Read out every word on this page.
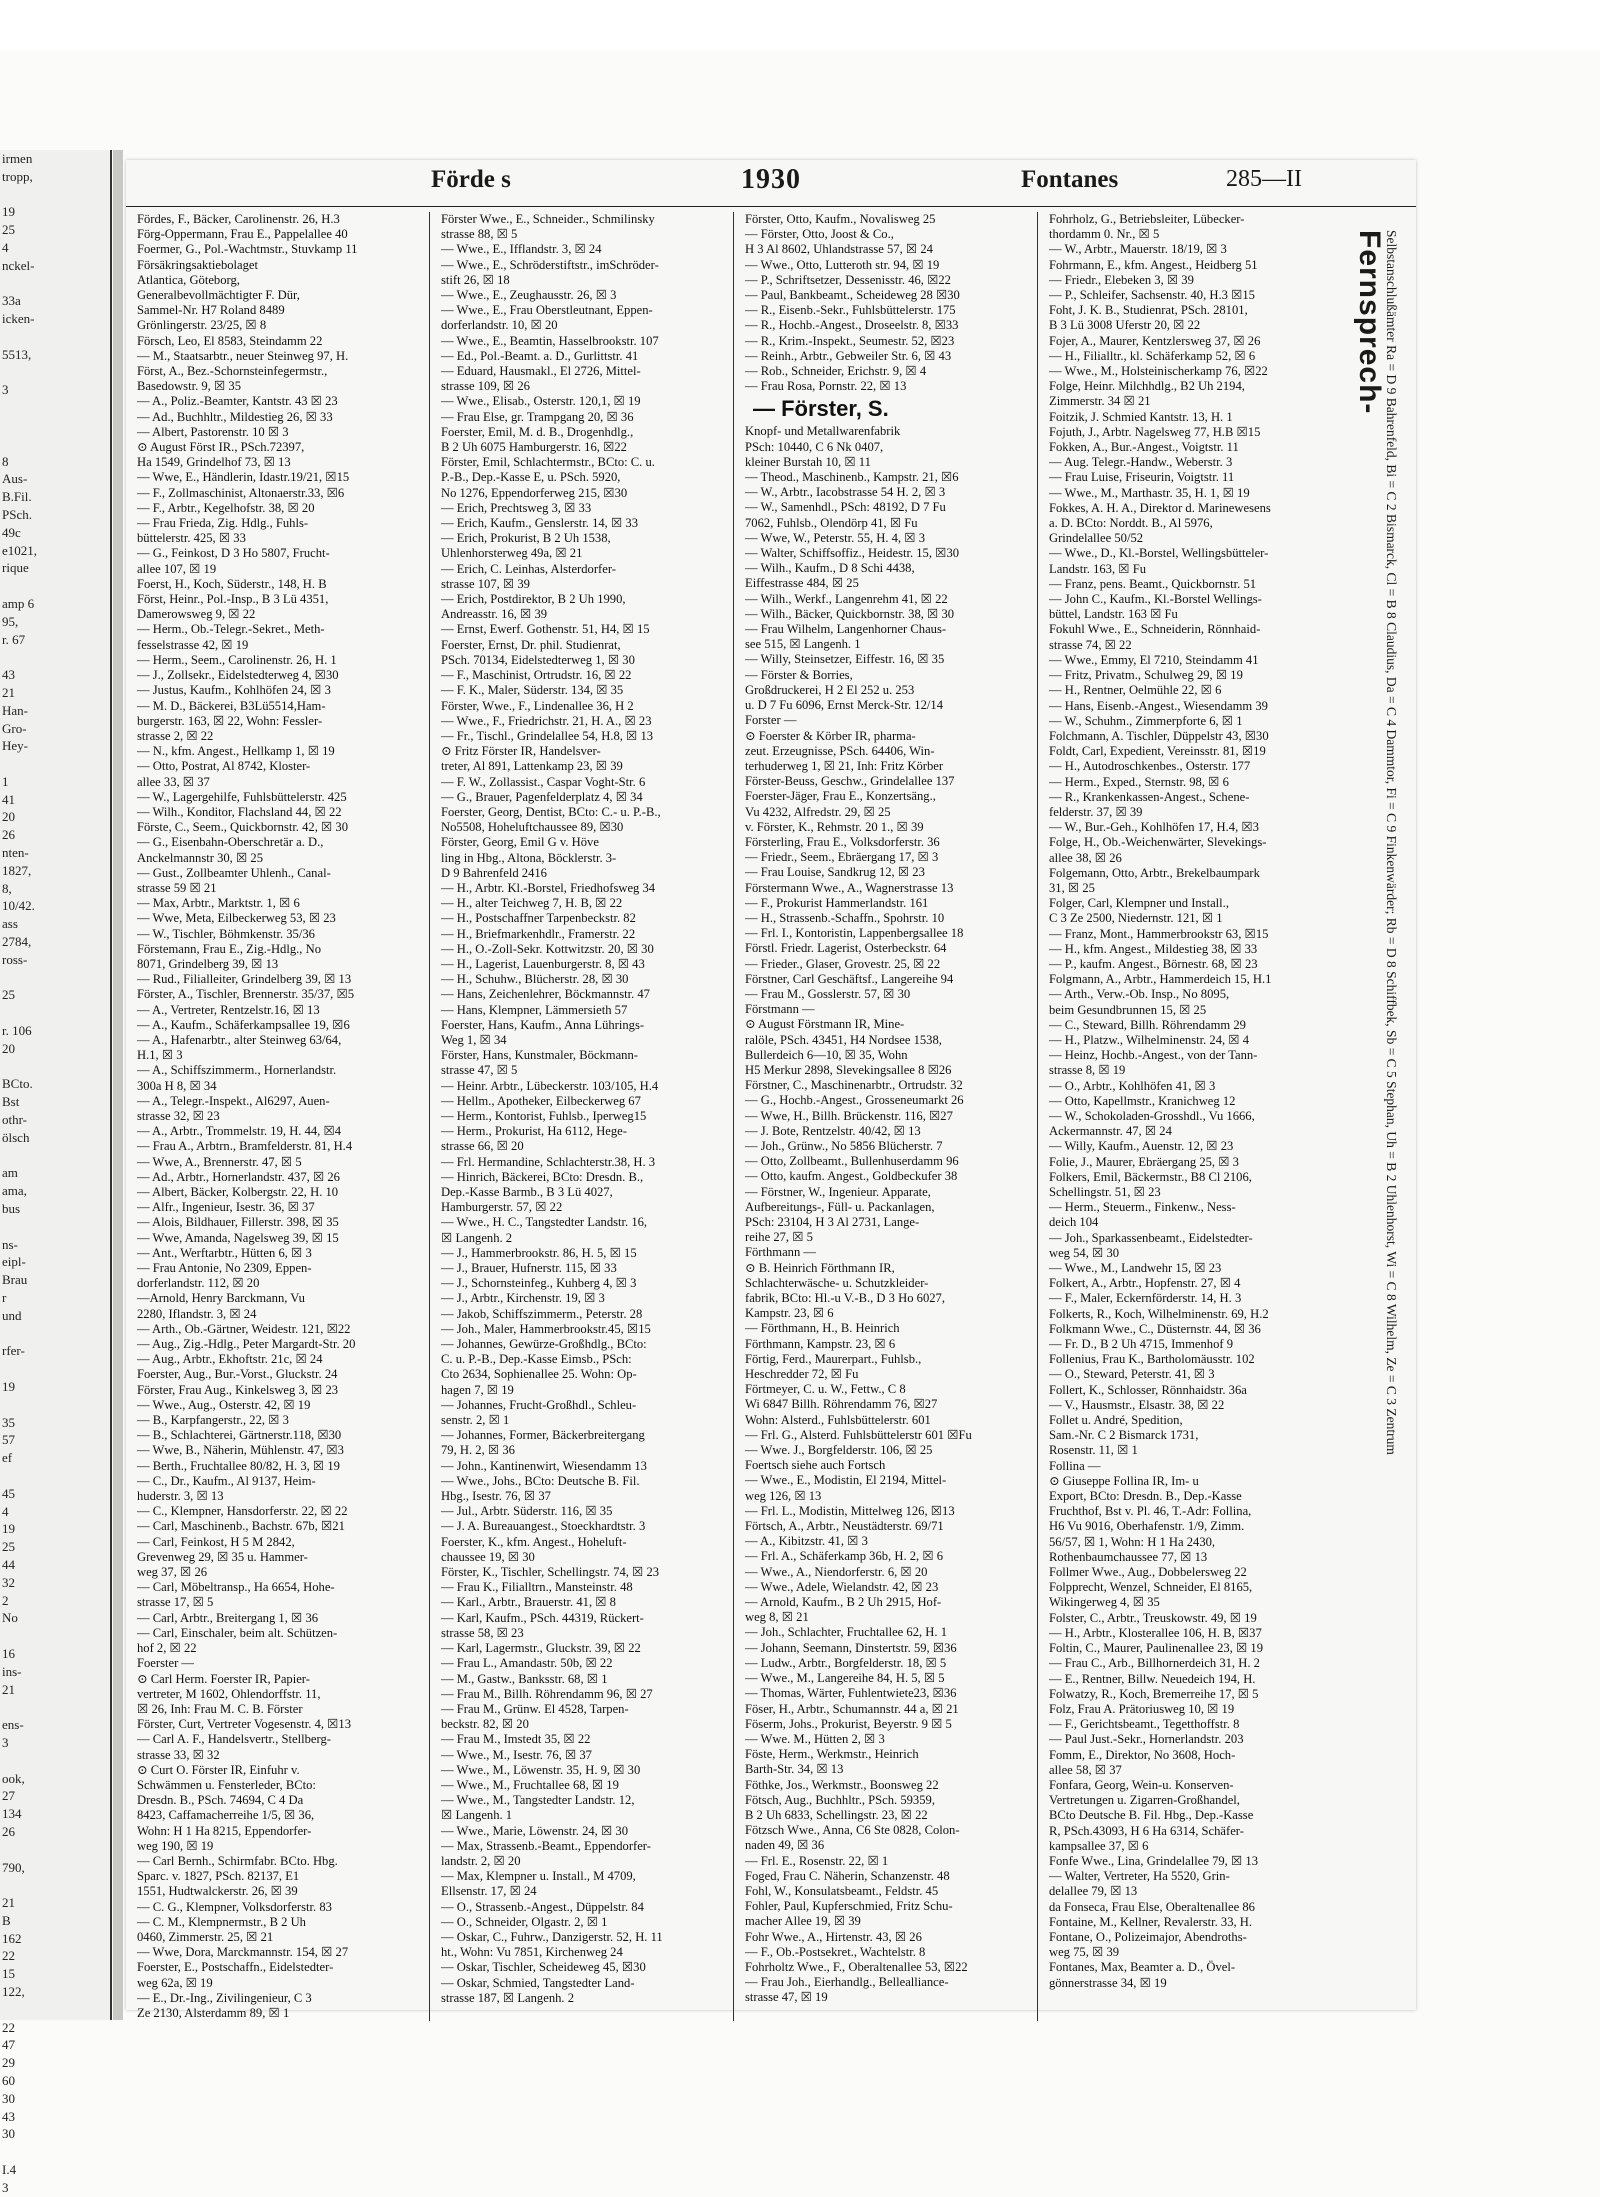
irmen
tropp,

19
25
4
nckel-

33a
icken-

5513,

3

8
Aus-
B.Fil.
PSch.
49c
e1021,
rique

amp 6
95,
r. 67

43
21
Han-
Gro-
Hey-

1
41
20
26
nten-
1827,
8,
10/42.
ass
2784,
ross-

25

r. 106
20

BCto.
Bst
othr-
ölsch

am
ama,
bus

ns-
eipl-
Brau
r
und

rfer-

19

35
57
ef

45
4
19
25
44
32
2
No

16
ins-
21

ens-
3

ook,
27
134
26

790,

21
B
162
22
15
122,

22
47
29
60
30
43
30

I.4
3
Förde s	1930	Fontanes	285—II
Fördes, F., Bäcker, Carolinenstr. 26, H.3
Förg-Oppermann, Frau E., Pappelallee 40
Foermer, G., Pol.-Wachtmstr., Stuvkamp 11
Försäkringsaktiebolaget
Atlantica, Göteborg,
Generalbevollmächtigter F. Dür,
Sammel-Nr. H7 Roland 8489
Grönlingerstr. 23/25, ☒ 8
Försch, Leo, El 8583, Steindamm 22
— M., Staatsarbtr., neuer Steinweg 97, H.
Först, A., Bez.-Schornsteinfegermstr.,
Basedowstr. 9, ☒ 35
— A., Poliz.-Beamter, Kantstr. 43 ☒ 23
— Ad., Buchhltr., Mildestieg 26, ☒ 33
— Albert, Pastorenstr. 10 ☒ 3
⊙ August Först IR., PSch.72397,
Ha 1549, Grindelhof 73, ☒ 13
— Wwe, E., Händlerin, Idastr.19/21, ☒15
— F., Zollmaschinist, Altonaerstr.33, ☒6
— F., Arbtr., Kegelhofstr. 38, ☒ 20
— Frau Frieda, Zig. Hdlg., Fuhls-
büttelerstr. 425, ☒ 33
— G., Feinkost, D 3 Ho 5807, Frucht-
allee 107, ☒ 19
Foerst, H., Koch, Süderstr., 148, H. B
Först, Heinr., Pol.-Insp., B 3 Lü 4351,
Damerowsweg 9, ☒ 22
— Herm., Ob.-Telegr.-Sekret., Meth-
fesselstrasse 42, ☒ 19
— Herm., Seem., Carolinenstr. 26, H. 1
— J., Zollsekr., Eidelstedterweg 4, ☒30
— Justus, Kaufm., Kohlhöfen 24, ☒ 3
— M. D., Bäckerei, B3Lü5514,Ham-
burgerstr. 163, ☒ 22, Wohn: Fessler-
strasse 2, ☒ 22
— N., kfm. Angest., Hellkamp 1, ☒ 19
— Otto, Postrat, Al 8742, Kloster-
allee 33, ☒ 37
— W., Lagergehilfe, Fuhlsbüttelerstr. 425
— Wilh., Konditor, Flachsland 44, ☒ 22
Förste, C., Seem., Quickbornstr. 42, ☒ 30
— G., Eisenbahn-Oberschretär a. D.,
Anckelmannstr 30, ☒ 25
— Gust., Zollbeamter Uhlenh., Canal-
strasse 59 ☒ 21
— Max, Arbtr., Marktstr. 1, ☒ 6
— Wwe, Meta, Eilbeckerweg 53, ☒ 23
— W., Tischler, Böhmkenstr. 35/36
Förstemann, Frau E., Zig.-Hdlg., No
8071, Grindelberg 39, ☒ 13
— Rud., Filialleiter, Grindelberg 39, ☒ 13
Förster, A., Tischler, Brennerstr. 35/37, ☒5
— A., Vertreter, Rentzelstr.16, ☒ 13
— A., Kaufm., Schäferkampsallee 19, ☒6
— A., Hafenarbtr., alter Steinweg 63/64,
H.1, ☒ 3
— A., Schiffszimmerm., Hornerlandstr.
300a H 8, ☒ 34
— A., Telegr.-Inspekt., Al6297, Auen-
strasse 32, ☒ 23
— A., Arbtr., Trommelstr. 19, H. 44, ☒4
— Frau A., Arbtrn., Bramfelderstr. 81, H.4
— Wwe, A., Brennerstr. 47, ☒ 5
— Ad., Arbtr., Hornerlandstr. 437, ☒ 26
— Albert, Bäcker, Kolbergstr. 22, H. 10
— Alfr., Ingenieur, Isestr. 36, ☒ 37
— Alois, Bildhauer, Fillerstr. 398, ☒ 35
— Wwe, Amanda, Nagelsweg 39, ☒ 15
— Ant., Werftarbtr., Hütten 6, ☒ 3
— Frau Antonie, No 2309, Eppen-
dorferlandstr. 112, ☒ 20
—Arnold, Henry Barckmann, Vu
2280, Iflandstr. 3, ☒ 24
— Arth., Ob.-Gärtner, Weidestr. 121, ☒22
— Aug., Zig.-Hdlg., Peter Margardt-Str. 20
— Aug., Arbtr., Ekhoftstr. 21c, ☒ 24
Foerster, Aug., Bur.-Vorst., Gluckstr. 24
Förster, Frau Aug., Kinkelsweg 3, ☒ 23
— Wwe., Aug., Osterstr. 42, ☒ 19
— B., Karpfangerstr., 22, ☒ 3
— B., Schlachterei, Gärtnerstr.118, ☒30
— Wwe, B., Näherin, Mühlenstr. 47, ☒3
— Berth., Fruchtallee 80/82, H. 3, ☒ 19
— C., Dr., Kaufm., Al 9137, Heim-
huderstr. 3, ☒ 13
— C., Klempner, Hansdorferstr. 22, ☒ 22
— Carl, Maschinenb., Bachstr. 67b, ☒21
— Carl, Feinkost, H 5 M 2842,
Grevenweg 29, ☒ 35 u. Hammer-
weg 37, ☒ 26
— Carl, Möbeltransp., Ha 6654, Hohe-
strasse 17, ☒ 5
— Carl, Arbtr., Breitergang 1, ☒ 36
— Carl, Einschaler, beim alt. Schützen-
hof 2, ☒ 22
Foerster —
⊙ Carl Herm. Foerster IR, Papier-
vertreter, M 1602, Ohlendorffstr. 11,
☒ 26, Inh: Frau M. C. B. Förster
Förster, Curt, Vertreter Vogesenstr. 4, ☒13
— Carl A. F., Handelsvertr., Stellberg-
strasse 33, ☒ 32
⊙ Curt O. Förster IR, Einfuhr v.
Schwämmen u. Fensterleder, BCto:
Dresdn. B., PSch. 74694, C 4 Da
8423, Caffamacherreihe 1/5, ☒ 36,
Wohn: H 1 Ha 8215, Eppendorfer-
weg 190, ☒ 19
— Carl Bernh., Schirmfabr. BCto. Hbg.
Sparc. v. 1827, PSch. 82137, E1
1551, Hudtwalckerstr. 26, ☒ 39
— C. G., Klempner, Volksdorferstr. 83
— C. M., Klempnermstr., B 2 Uh
0460, Zimmerstr. 25, ☒ 21
— Wwe, Dora, Marckmannstr. 154, ☒ 27
Foerster, E., Postschaffn., Eidelstedter-
weg 62a, ☒ 19
— E., Dr.-Ing., Zivilingenieur, C 3
Ze 2130, Alsterdamm 89, ☒ 1
Förster Wwe., E., Schneider., Schmilinsky
strasse 88, ☒ 5
— Wwe., E., Ifflandstr. 3, ☒ 24
— Wwe., E., Schröderstiftstr., imSchröder-
stift 26, ☒ 18
— Wwe., E., Zeughausstr. 26, ☒ 3
— Wwe., E., Frau Oberstleutnant, Eppen-
dorferlandstr. 10, ☒ 20
— Wwe., E., Beamtin, Hasselbrookstr. 107
— Ed., Pol.-Beamt. a. D., Gurlittstr. 41
— Eduard, Hausmakl., El 2726, Mittel-
strasse 109, ☒ 26
— Wwe., Elisab., Osterstr. 120,1, ☒ 19
— Frau Else, gr. Trampgang 20, ☒ 36
Foerster, Emil, M. d. B., Drogenhdlg.,
B 2 Uh 6075 Hamburgerstr. 16, ☒22
Förster, Emil, Schlachtermstr., BCto: C. u.
P.-B., Dep.-Kasse E, u. PSch. 5920,
No 1276, Eppendorferweg 215, ☒30
— Erich, Prechtsweg 3, ☒ 33
— Erich, Kaufm., Genslerstr. 14, ☒ 33
— Erich, Prokurist, B 2 Uh 1538,
Uhlenhorsterweg 49a, ☒ 21
— Erich, C. Leinhas, Alsterdorfer-
strasse 107, ☒ 39
— Erich, Postdirektor, B 2 Uh 1990,
Andreasstr. 16, ☒ 39
— Ernst, Ewerf. Gothenstr. 51, H4, ☒ 15
Foerster, Ernst, Dr. phil. Studienrat,
PSch. 70134, Eidelstedterweg 1, ☒ 30
— F., Maschinist, Ortrudstr. 16, ☒ 22
— F. K., Maler, Süderstr. 134, ☒ 35
Förster, Wwe., F., Lindenallee 36, H 2
— Wwe., F., Friedrichstr. 21, H. A., ☒ 23
— Fr., Tischl., Grindelallee 54, H.8, ☒ 13
⊙ Fritz Förster IR, Handelsver-
treter, Al 891, Lattenkamp 23, ☒ 39
— F. W., Zollassist., Caspar Voght-Str. 6
— G., Brauer, Pagenfelderplatz 4, ☒ 34
Foerster, Georg, Dentist, BCto: C.- u. P.-B.,
No5508, Hoheluftchaussee 89, ☒30
Förster, Georg, Emil G v. Höve
ling in Hbg., Altona, Böcklerstr. 3-
D 9 Bahrenfeld 2416
— H., Arbtr. Kl.-Borstel, Friedhofsweg 34
— H., alter Teichweg 7, H. B, ☒ 22
— H., Postschaffner Tarpenbeckstr. 82
— H., Briefmarkenhdlr., Framerstr. 22
— H., O.-Zoll-Sekr. Kottwitzstr. 20, ☒ 30
— H., Lagerist, Lauenburgerstr. 8, ☒ 43
— H., Schuhw., Blücherstr. 28, ☒ 30
— Hans, Zeichenlehrer, Böckmannstr. 47
— Hans, Klempner, Lämmersieth 57
Foerster, Hans, Kaufm., Anna Lührings-
Weg 1, ☒ 34
Förster, Hans, Kunstmaler, Böckmann-
strasse 47, ☒ 5
— Heinr. Arbtr., Lübeckerstr. 103/105, H.4
— Hellm., Apotheker, Eilbeckerweg 67
— Herm., Kontorist, Fuhlsb., Iperweg15
— Herm., Prokurist, Ha 6112, Hege-
strasse 66, ☒ 20
— Frl. Hermandine, Schlachterstr.38, H. 3
— Hinrich, Bäckerei, BCto: Dresdn. B.,
Dep.-Kasse Barmb., B 3 Lü 4027,
Hamburgerstr. 57, ☒ 22
— Wwe., H. C., Tangstedter Landstr. 16,
☒ Langenh. 2
— J., Hammerbrookstr. 86, H. 5, ☒ 15
— J., Brauer, Hufnerstr. 115, ☒ 33
— J., Schornsteinfeg., Kuhberg 4, ☒ 3
— J., Arbtr., Kirchenstr. 19, ☒ 3
— Jakob, Schiffszimmerm., Peterstr. 28
— Joh., Maler, Hammerbrookstr.45, ☒15
— Johannes, Gewürze-Großhdlg., BCto:
C. u. P.-B., Dep.-Kasse Eimsb., PSch:
Cto 2634, Sophienallee 25. Wohn: Op-
hagen 7, ☒ 19
— Johannes, Frucht-Großhdl., Schleu-
senstr. 2, ☒ 1
— Johannes, Former, Bäckerbreitergang
79, H. 2, ☒ 36
— John., Kantinenwirt, Wiesendamm 13
— Wwe., Johs., BCto: Deutsche B. Fil.
Hbg., Isestr. 76, ☒ 37
— Jul., Arbtr. Süderstr. 116, ☒ 35
— J. A. Bureauangest., Stoeckhardtstr. 3
Foerster, K., kfm. Angest., Hoheluft-
chaussee 19, ☒ 30
Förster, K., Tischler, Schellingstr. 74, ☒ 23
— Frau K., Filialltrn., Mansteinstr. 48
— Karl., Arbtr., Brauerstr. 41, ☒ 8
— Karl, Kaufm., PSch. 44319, Rückert-
strasse 58, ☒ 23
— Karl, Lagermstr., Gluckstr. 39, ☒ 22
— Frau L., Amandastr. 50b, ☒ 22
— M., Gastw., Banksstr. 68, ☒ 1
— Frau M., Billh. Röhrendamm 96, ☒ 27
— Frau M., Grünw. El 4528, Tarpen-
beckstr. 82, ☒ 20
— Frau M., Imstedt 35, ☒ 22
— Wwe., M., Isestr. 76, ☒ 37
— Wwe., M., Löwenstr. 35, H. 9, ☒ 30
— Wwe., M., Fruchtallee 68, ☒ 19
— Wwe., M., Tangstedter Landstr. 12,
☒ Langenh. 1
— Wwe., Marie, Löwenstr. 24, ☒ 30
— Max, Strassenb.-Beamt., Eppendorfer-
landstr. 2, ☒ 20
— Max, Klempner u. Install., M 4709,
Ellsenstr. 17, ☒ 24
— O., Strassenb.-Angest., Düppelstr. 84
— O., Schneider, Olgastr. 2, ☒ 1
— Oskar, C., Fuhrw., Danzigerstr. 52, H. 11
ht., Wohn: Vu 7851, Kirchenweg 24
— Oskar, Tischler, Scheideweg 45, ☒30
— Oskar, Schmied, Tangstedter Land-
strasse 187, ☒ Langenh. 2
Förster, Otto, Kaufm., Novalisweg 25
— Förster, Otto, Joost & Co.,
H 3 Al 8602, Uhlandstrasse 57, ☒ 24
— Wwe., Otto, Lutteroth str. 94, ☒ 19
— P., Schriftsetzer, Dessenisstr. 46, ☒22
— Paul, Bankbeamt., Scheideweg 28 ☒30
— R., Eisenb.-Sekr., Fuhlsbüttelerstr. 175
— R., Hochb.-Angest., Droseelstr. 8, ☒33
— R., Krim.-Inspekt., Seumestr. 52, ☒23
— Reinh., Arbtr., Gebweiler Str. 6, ☒ 43
— Rob., Schneider, Erichstr. 9, ☒ 4
— Frau Rosa, Pornstr. 22, ☒ 13
— Förster, S.
Knopf- und Metallwarenfabrik
PSch: 10440, C 6 Nk 0407,
kleiner Burstah 10, ☒ 11
— Theod., Maschinenb., Kampstr. 21, ☒6
— W., Arbtr., Iacobstrasse 54 H. 2, ☒ 3
— W., Samenhdl., PSch: 48192, D 7 Fu
7062, Fuhlsb., Olendörp 41, ☒ Fu
— Wwe, W., Peterstr. 55, H. 4, ☒ 3
— Walter, Schiffsoffiz., Heidestr. 15, ☒30
— Wilh., Kaufm., D 8 Schi 4438,
Eiffestrasse 484, ☒ 25
— Wilh., Werkf., Langenrehm 41, ☒ 22
— Wilh., Bäcker, Quickbornstr. 38, ☒ 30
— Frau Wilhelm, Langenhorner Chaus-
see 515, ☒ Langenh. 1
— Willy, Steinsetzer, Eiffestr. 16, ☒ 35
— Förster & Borries,
Großdruckerei, H 2 El 252 u. 253
u. D 7 Fu 6096, Ernst Merck-Str. 12/14
Forster —
⊙ Foerster & Körber IR, pharma-
zeut. Erzeugnisse, PSch. 64406, Win-
terhuderweg 1, ☒ 21, Inh: Fritz Körber
Förster-Beuss, Geschw., Grindelallee 137
Foerster-Jäger, Frau E., Konzertsäng.,
Vu 4232, Alfredstr. 29, ☒ 25
v. Förster, K., Rehmstr. 20 1., ☒ 39
Försterling, Frau E., Volksdorferstr. 36
— Friedr., Seem., Ebräergang 17, ☒ 3
— Frau Louise, Sandkrug 12, ☒ 23
Förstermann Wwe., A., Wagnerstrasse 13
— F., Prokurist Hammerlandstr. 161
— H., Strassenb.-Schaffn., Spohrstr. 10
— Frl. I., Kontoristin, Lappenbergsallee 18
Förstl. Friedr. Lagerist, Osterbeckstr. 64
— Frieder., Glaser, Grovestr. 25, ☒ 22
Förstner, Carl Geschäftsf., Langereihe 94
— Frau M., Gosslerstr. 57, ☒ 30
Förstmann —
⊙ August Förstmann IR, Mine-
ralöle, PSch. 43451, H4 Nordsee 1538,
Bullerdeich 6—10, ☒ 35, Wohn
H5 Merkur 2898, Slevekingsallee 8 ☒26
Förstner, C., Maschinenarbtr., Ortrudstr. 32
— G., Hochb.-Angest., Grosseneumarkt 26
— Wwe, H., Billh. Brückenstr. 116, ☒27
— J. Bote, Rentzelstr. 40/42, ☒ 13
— Joh., Grünw., No 5856 Blücherstr. 7
— Otto, Zollbeamt., Bullenhuserdamm 96
— Otto, kaufm. Angest., Goldbeckufer 38
— Förstner, W., Ingenieur. Apparate,
Aufbereitungs-, Füll- u. Packanlagen,
PSch: 23104, H 3 Al 2731, Lange-
reihe 27, ☒ 5
Förthmann —
⊙ B. Heinrich Förthmann IR,
Schlachterwäsche- u. Schutzkleider-
fabrik, BCto: Hl.-u V.-B., D 3 Ho 6027,
Kampstr. 23, ☒ 6
— Förthmann, H., B. Heinrich
Förthmann, Kampstr. 23, ☒ 6
Förtig, Ferd., Maurerpart., Fuhlsb.,
Heschredder 72, ☒ Fu
Förtmeyer, C. u. W., Fettw., C 8
Wi 6847 Billh. Röhrendamm 76, ☒27
Wohn: Alsterd., Fuhlsbüttelerstr. 601
— Frl. G., Alsterd. Fuhlsbüttelerstr 601 ☒Fu
— Wwe. J., Borgfelderstr. 106, ☒ 25
Foertsch siehe auch Fortsch
— Wwe., E., Modistin, El 2194, Mittel-
weg 126, ☒ 13
— Frl. L., Modistin, Mittelweg 126, ☒13
Förtsch, A., Arbtr., Neustädterstr. 69/71
— A., Kibitzstr. 41, ☒ 3
— Frl. A., Schäferkamp 36b, H. 2, ☒ 6
— Wwe., A., Niendorferstr. 6, ☒ 20
— Wwe., Adele, Wielandstr. 42, ☒ 23
— Arnold, Kaufm., B 2 Uh 2915, Hof-
weg 8, ☒ 21
— Joh., Schlachter, Fruchtallee 62, H. 1
— Johann, Seemann, Dinstertstr. 59, ☒36
— Ludw., Arbtr., Borgfelderstr. 18, ☒ 5
— Wwe., M., Langereihe 84, H. 5, ☒ 5
— Thomas, Wärter, Fuhlentwiete23, ☒36
Föser, H., Arbtr., Schumannstr. 44 a, ☒ 21
Föserm, Johs., Prokurist, Beyerstr. 9 ☒ 5
— Wwe. M., Hütten 2, ☒ 3
Föste, Herm., Werkmstr., Heinrich
Barth-Str. 34, ☒ 13
Föthke, Jos., Werkmstr., Boonsweg 22
Fötsch, Aug., Buchhltr., PSch. 59359,
B 2 Uh 6833, Schellingstr. 23, ☒ 22
Fötzsch Wwe., Anna, C6 Ste 0828, Colon-
naden 49, ☒ 36
— Frl. E., Rosenstr. 22, ☒ 1
Foged, Frau C. Näherin, Schanzenstr. 48
Fohl, W., Konsulatsbeamt., Feldstr. 45
Fohler, Paul, Kupferschmied, Fritz Schu-
macher Allee 19, ☒ 39
Fohr Wwe., A., Hirtenstr. 43, ☒ 26
— F., Ob.-Postsekret., Wachtelstr. 8
Fohrholtz Wwe., F., Oberaltenallee 53, ☒22
— Frau Joh., Eierhandlg., Bellealliance-
strasse 47, ☒ 19
Fohrholz, G., Betriebsleiter, Lübecker-
thordamm 0. Nr., ☒ 5
— W., Arbtr., Mauerstr. 18/19, ☒ 3
Fohrmann, E., kfm. Angest., Heidberg 51
— Friedr., Elebeken 3, ☒ 39
— P., Schleifer, Sachsenstr. 40, H.3 ☒15
Foht, J. K. B., Studienrat, PSch. 28101,
B 3 Lü 3008 Uferstr 20, ☒ 22
Fojer, A., Maurer, Kentzlersweg 37, ☒ 26
— H., Filialltr., kl. Schäferkamp 52, ☒ 6
— Wwe., M., Holsteinischerkamp 76, ☒22
Folge, Heinr. Milchhdlg., B2 Uh 2194,
Zimmerstr. 34 ☒ 21
Foitzik, J. Schmied Kantstr. 13, H. 1
Fojuth, J., Arbtr. Nagelsweg 77, H.B ☒15
Fokken, A., Bur.-Angest., Voigtstr. 11
— Aug. Telegr.-Handw., Weberstr. 3
— Frau Luise, Friseurin, Voigtstr. 11
— Wwe., M., Marthastr. 35, H. 1, ☒ 19
Fokkes, A. H. A., Direktor d. Marinewesens
a. D. BCto: Norddt. B., Al 5976,
Grindelallee 50/52
— Wwe., D., Kl.-Borstel, Wellingsbütteler-
Landstr. 163, ☒ Fu
— Franz, pens. Beamt., Quickbornstr. 51
— John C., Kaufm., Kl.-Borstel Wellings-
büttel, Landstr. 163 ☒ Fu
Fokuhl Wwe., E., Schneiderin, Rönnhaid-
strasse 74, ☒ 22
— Wwe., Emmy, El 7210, Steindamm 41
— Fritz, Privatm., Schulweg 29, ☒ 19
— H., Rentner, Oelmühle 22, ☒ 6
— Hans, Eisenb.-Angest., Wiesendamm 39
— W., Schuhm., Zimmerpforte 6, ☒ 1
Folchmann, A. Tischler, Düppelstr 43, ☒30
Foldt, Carl, Expedient, Vereinsstr. 81, ☒19
— H., Autodroschkenbes., Osterstr. 177
— Herm., Exped., Sternstr. 98, ☒ 6
— R., Krankenkassen-Angest., Schene-
felderstr. 37, ☒ 39
— W., Bur.-Geh., Kohlhöfen 17, H.4, ☒3
Folge, H., Ob.-Weichenwärter, Slevekings-
allee 38, ☒ 26
Folgemann, Otto, Arbtr., Brekelbaumpark
31, ☒ 25
Folger, Carl, Klempner und Install.,
C 3 Ze 2500, Niedernstr. 121, ☒ 1
— Franz, Mont., Hammerbrookstr 63, ☒15
— H., kfm. Angest., Mildestieg 38, ☒ 33
— P., kaufm. Angest., Börnestr. 68, ☒ 23
Folgmann, A., Arbtr., Hammerdeich 15, H.1
— Arth., Verw.-Ob. Insp., No 8095,
beim Gesundbrunnen 15, ☒ 25
— C., Steward, Billh. Röhrendamm 29
— H., Platzw., Wilhelminenstr. 24, ☒ 4
— Heinz, Hochb.-Angest., von der Tann-
strasse 8, ☒ 19
— O., Arbtr., Kohlhöfen 41, ☒ 3
— Otto, Kapellmstr., Kranichweg 12
— W., Schokoladen-Grosshdl., Vu 1666,
Ackermannstr. 47, ☒ 24
— Willy, Kaufm., Auenstr. 12, ☒ 23
Folie, J., Maurer, Ebräergang 25, ☒ 3
Folkers, Emil, Bäckermstr., B8 Cl 2106,
Schellingstr. 51, ☒ 23
— Herm., Steuerm., Finkenw., Ness-
deich 104
— Joh., Sparkassenbeamt., Eidelstedter-
weg 54, ☒ 30
— Wwe., M., Landwehr 15, ☒ 23
Folkert, A., Arbtr., Hopfenstr. 27, ☒ 4
— F., Maler, Eckernförderstr. 14, H. 3
Folkerts, R., Koch, Wilhelminenstr. 69, H.2
Folkmann Wwe., C., Düsternstr. 44, ☒ 36
— Fr. D., B 2 Uh 4715, Immenhof 9
Follenius, Frau K., Bartholomäusstr. 102
— O., Steward, Peterstr. 41, ☒ 3
Follert, K., Schlosser, Rönnhaidstr. 36a
— V., Hausmstr., Elsastr. 38, ☒ 22
Follet u. André, Spedition,
Sam.-Nr. C 2 Bismarck 1731,
Rosenstr. 11, ☒ 1
Follina —
⊙ Giuseppe Follina IR, Im- u
Export, BCto: Dresdn. B., Dep.-Kasse
Fruchthof, Bst v. Pl. 46, T.-Adr: Follina,
H6 Vu 9016, Oberhafenstr. 1/9, Zimm.
56/57, ☒ 1, Wohn: H 1 Ha 2430,
Rothenbaumchaussee 77, ☒ 13
Follmer Wwe., Aug., Dobbelersweg 22
Folpprecht, Wenzel, Schneider, El 8165,
Wikingerweg 4, ☒ 35
Folster, C., Arbtr., Treuskowstr. 49, ☒ 19
— H., Arbtr., Klosterallee 106, H. B, ☒37
Foltin, C., Maurer, Paulinenallee 23, ☒ 19
— Frau C., Arb., Billhornerdeich 31, H. 2
— E., Rentner, Billw. Neuedeich 194, H.
Folwatzy, R., Koch, Bremerreihe 17, ☒ 5
Folz, Frau A. Prätoriusweg 10, ☒ 19
— F., Gerichtsbeamt., Tegetthoffstr. 8
— Paul Just.-Sekr., Hornerlandstr. 203
Fomm, E., Direktor, No 3608, Hoch-
allee 58, ☒ 37
Fonfara, Georg, Wein-u. Konserven-
Vertretungen u. Zigarren-Großhandel,
BCto Deutsche B. Fil. Hbg., Dep.-Kasse
R, PSch.43093, H 6 Ha 6314, Schäfer-
kampsallee 37, ☒ 6
Fonfe Wwe., Lina, Grindelallee 79, ☒ 13
— Walter, Vertreter, Ha 5520, Grin-
delallee 79, ☒ 13
da Fonseca, Frau Else, Oberaltenallee 86
Fontaine, M., Kellner, Revalerstr. 33, H.
Fontane, O., Polizeimajor, Abendroths-
weg 75, ☒ 39
Fontanes, Max, Beamter a. D., Övel-
gönnerstrasse 34, ☒ 19
Fernsprech-
Selbstanschlußämter Ra = D 9 Bahrenfeld, Bi = C 2 Bismarck, Cl = B 8 Claudius, Da = C 4 Dammtor, Fi = C 9 Finkenwärder; Rb = D 8 Schiffbek, Sb = C 5 Stephan, Uh = B 2 Uhlenhorst, Wi = C 8 Wilhelm, Ze = C 3 Zentrum
